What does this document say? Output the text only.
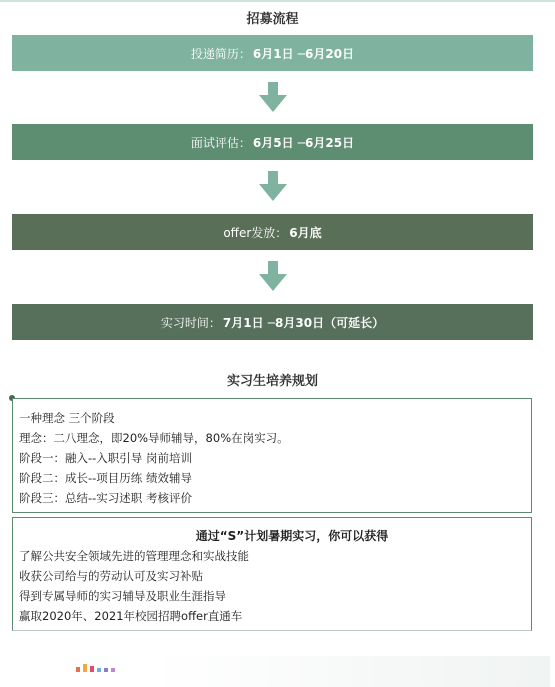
招募流程
投递简历： 6月1日 ─6月20日
面试评估： 6月5日 ─6月25日
offer发放： 6月底
实习时间： 7月1日 ─8月30日（可延长）
实习生培养规划
一种理念 三个阶段
理念：二八理念，即20%导师辅导，80%在岗实习。
阶段一：融入--入职引导 岗前培训
阶段二：成长--项目历练 绩效辅导
阶段三：总结--实习述职 考核评价
通过“S”计划暑期实习，你可以获得
了解公共安全领域先进的管理理念和实战技能
收获公司给与的劳动认可及实习补贴
得到专属导师的实习辅导及职业生涯指导
赢取2020年、2021年校园招聘offer直通车
